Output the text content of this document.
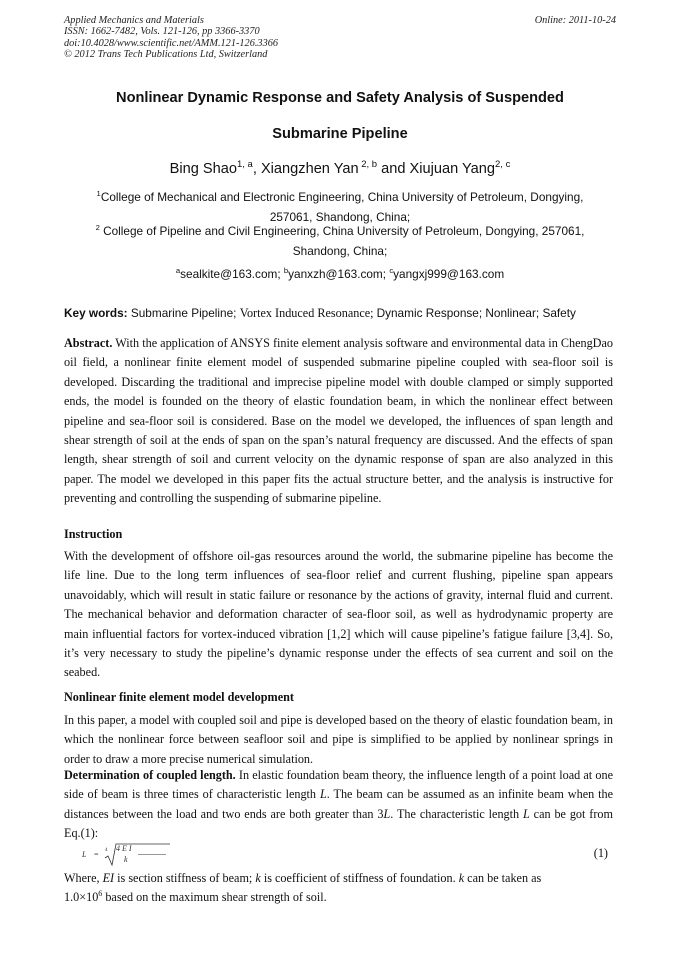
Applied Mechanics and Materials
ISSN: 1662-7482, Vols. 121-126, pp 3366-3370
doi:10.4028/www.scientific.net/AMM.121-126.3366
© 2012 Trans Tech Publications Ltd, Switzerland
Online: 2011-10-24
Nonlinear Dynamic Response and Safety Analysis of Suspended
Submarine Pipeline
Bing Shao$^{1, a}$, Xiangzhen Yan $^{2, b}$ and Xiujuan Yang$^{2, c}$
$^1$College of Mechanical and Electronic Engineering, China University of Petroleum, Dongying, 257061, Shandong, China;
$^2$ College of Pipeline and Civil Engineering, China University of Petroleum, Dongying, 257061, Shandong, China;
$^a$sealkite@163.com; $^b$yanxzh@163.com; $^c$yangxj999@163.com
Key words: Submarine Pipeline; Vortex Induced Resonance; Dynamic Response; Nonlinear; Safety
Abstract. With the application of ANSYS finite element analysis software and environmental data in ChengDao oil field, a nonlinear finite element model of suspended submarine pipeline coupled with sea-floor soil is developed. Discarding the traditional and imprecise pipeline model with double clamped or simply supported ends, the model is founded on the theory of elastic foundation beam, in which the nonlinear effect between pipeline and sea-floor soil is considered. Base on the model we developed, the influences of span length and shear strength of soil at the ends of span on the span’s natural frequency are discussed. And the effects of span length, shear strength of soil and current velocity on the dynamic response of span are also analyzed in this paper. The model we developed in this paper fits the actual structure better, and the analysis is instructive for preventing and controlling the suspending of submarine pipeline.
Instruction
With the development of offshore oil-gas resources around the world, the submarine pipeline has become the life line. Due to the long term influences of sea-floor relief and current flushing, pipeline span appears unavoidably, which will result in static failure or resonance by the actions of gravity, internal fluid and current. The mechanical behavior and deformation character of sea-floor soil, as well as hydrodynamic property are main influential factors for vortex-induced vibration [1,2] which will cause pipeline’s fatigue failure [3,4]. So, it’s very necessary to study the pipeline’s dynamic response under the effects of sea current and soil on the seabed.
Nonlinear finite element model development
In this paper, a model with coupled soil and pipe is developed based on the theory of elastic foundation beam, in which the nonlinear force between seafloor soil and pipe is simplified to be applied by nonlinear springs in order to draw a more precise numerical simulation.
Determination of coupled length. In elastic foundation beam theory, the influence length of a point load at one side of beam is three times of characteristic length L. The beam can be assumed as an infinite beam when the distances between the load and two ends are both greater than 3L. The characteristic length L can be got from Eq.(1):
L = 4 4 E I
k	(1)
Where, EI is section stiffness of beam; k is coefficient of stiffness of foundation. k can be taken as
$1.0\times 10^6$ based on the maximum shear strength of soil.
